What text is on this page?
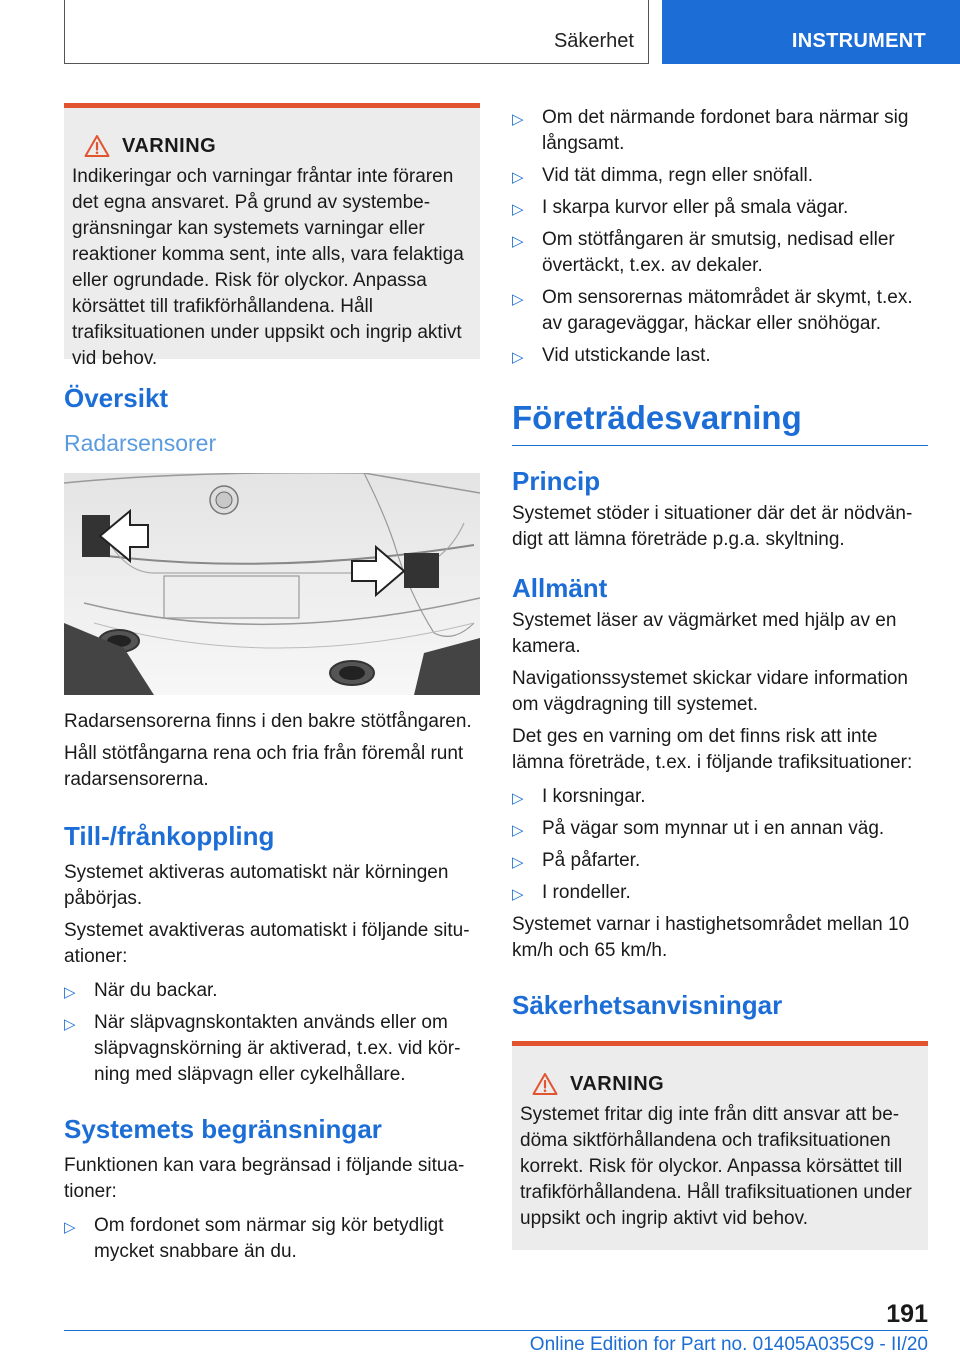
Säkerhet	INSTRUMENT
VARNING
Indikeringar och varningar fråntar inte föraren det egna ansvaret. På grund av systembegränsningar kan systemets varningar eller reaktioner komma sent, inte alls, vara felaktiga eller ogrundade. Risk för olyckor. Anpassa körsättet till trafikförhållandena. Håll trafiksituationen under uppsikt och ingrip aktivt vid behov.
Översikt
Radarsensorer

Radarsensorerna finns i den bakre stötfångaren.

Håll stötfångarna rena och fria från föremål runt radarsensorerna.

Till-/frånkoppling

Systemet aktiveras automatiskt när körningen påbörjas.

Systemet avaktiveras automatiskt i följande situationer:

▷ När du backar.
▷ När släpvagnskontakten används eller om släpvagnskörning är aktiverad, t.ex. vid körning med släpvagn eller cykelhållare.
Systemets begränsningar

Funktionen kan vara begränsad i följande situationer:

▷ Om fordonet som närmar sig kör betydligt mycket snabbare än du.
▷ Om det närmande fordonet bara närmar sig långsamt.
▷ Vid tät dimma, regn eller snöfall.
▷ I skarpa kurvor eller på smala vägar.
▷ Om stötfångaren är smutsig, nedisad eller övertäckt, t.ex. av dekaler.
▷ Om sensorernas mätområdet är skymt, t.ex. av garageväggar, häckar eller snöhögar.
▷ Vid utstickande last.
Företrädesvarning
Princip

Systemet stöder i situationer där det är nödvändigt att lämna företräde p.g.a. skyltning.

Allmänt

Systemet läser av vägmärket med hjälp av en kamera.

Navigationssystemet skickar vidare information om vägdragning till systemet.

Det ges en varning om det finns risk att inte lämna företräde, t.ex. i följande trafiksituationer:

▷ I korsningar.
▷ På vägar som mynnar ut i en annan väg.
▷ På påfarter.
▷ I rondeller.

Systemet varnar i hastighetsområdet mellan 10 km/h och 65 km/h.

Säkerhetsanvisningar
VARNING
Systemet fritar dig inte från ditt ansvar att bedöma siktförhållandena och trafiksituationen korrekt. Risk för olyckor. Anpassa körsättet till trafikförhållandena. Håll trafiksituationen under uppsikt och ingrip aktivt vid behov.
191
Online Edition for Part no. 01405A035C9 - II/20
